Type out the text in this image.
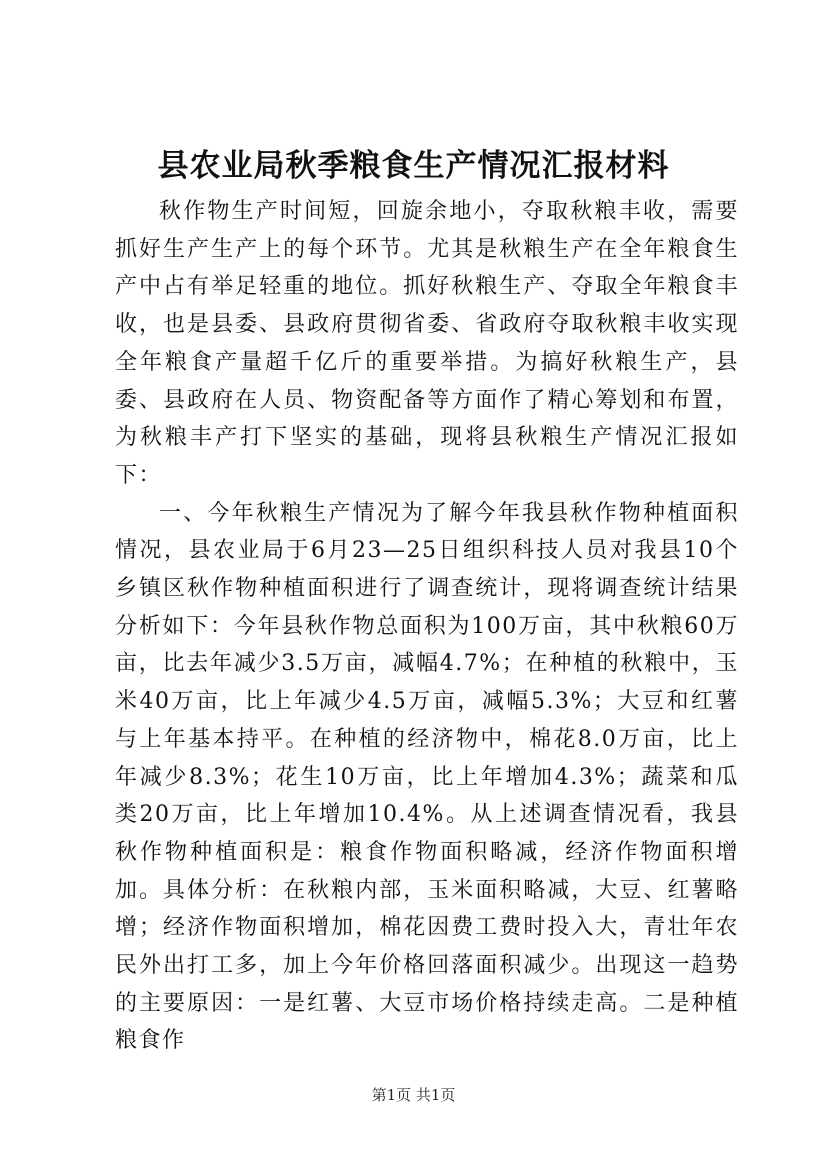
县农业局秋季粮食生产情况汇报材料

秋作物生产时间短，回旋余地小，夺取秋粮丰收，需要抓好生产生产上的每个环节。尤其是秋粮生产在全年粮食生产中占有举足轻重的地位。抓好秋粮生产、夺取全年粮食丰收，也是县委、县政府贯彻省委、省政府夺取秋粮丰收实现全年粮食产量超千亿斤的重要举措。为搞好秋粮生产，县委、县政府在人员、物资配备等方面作了精心筹划和布置，为秋粮丰产打下坚实的基础，现将县秋粮生产情况汇报如下：

一、今年秋粮生产情况为了解今年我县秋作物种植面积情况，县农业局于6月23—25日组织科技人员对我县10个乡镇区秋作物种植面积进行了调查统计，现将调查统计结果分析如下：今年县秋作物总面积为100万亩，其中秋粮60万亩，比去年减少3.5万亩，减幅4.7%；在种植的秋粮中，玉米40万亩，比上年减少4.5万亩，减幅5.3%；大豆和红薯与上年基本持平。在种植的经济物中，棉花8.0万亩，比上年减少8.3%；花生10万亩，比上年增加4.3%；蔬菜和瓜类20万亩，比上年增加10.4%。从上述调查情况看，我县秋作物种植面积是：粮食作物面积略减，经济作物面积增加。具体分析：在秋粮内部，玉米面积略减，大豆、红薯略增；经济作物面积增加，棉花因费工费时投入大，青壮年农民外出打工多，加上今年价格回落面积减少。出现这一趋势的主要原因：一是红薯、大豆市场价格持续走高。二是种植粮食作

第1页 共1页
